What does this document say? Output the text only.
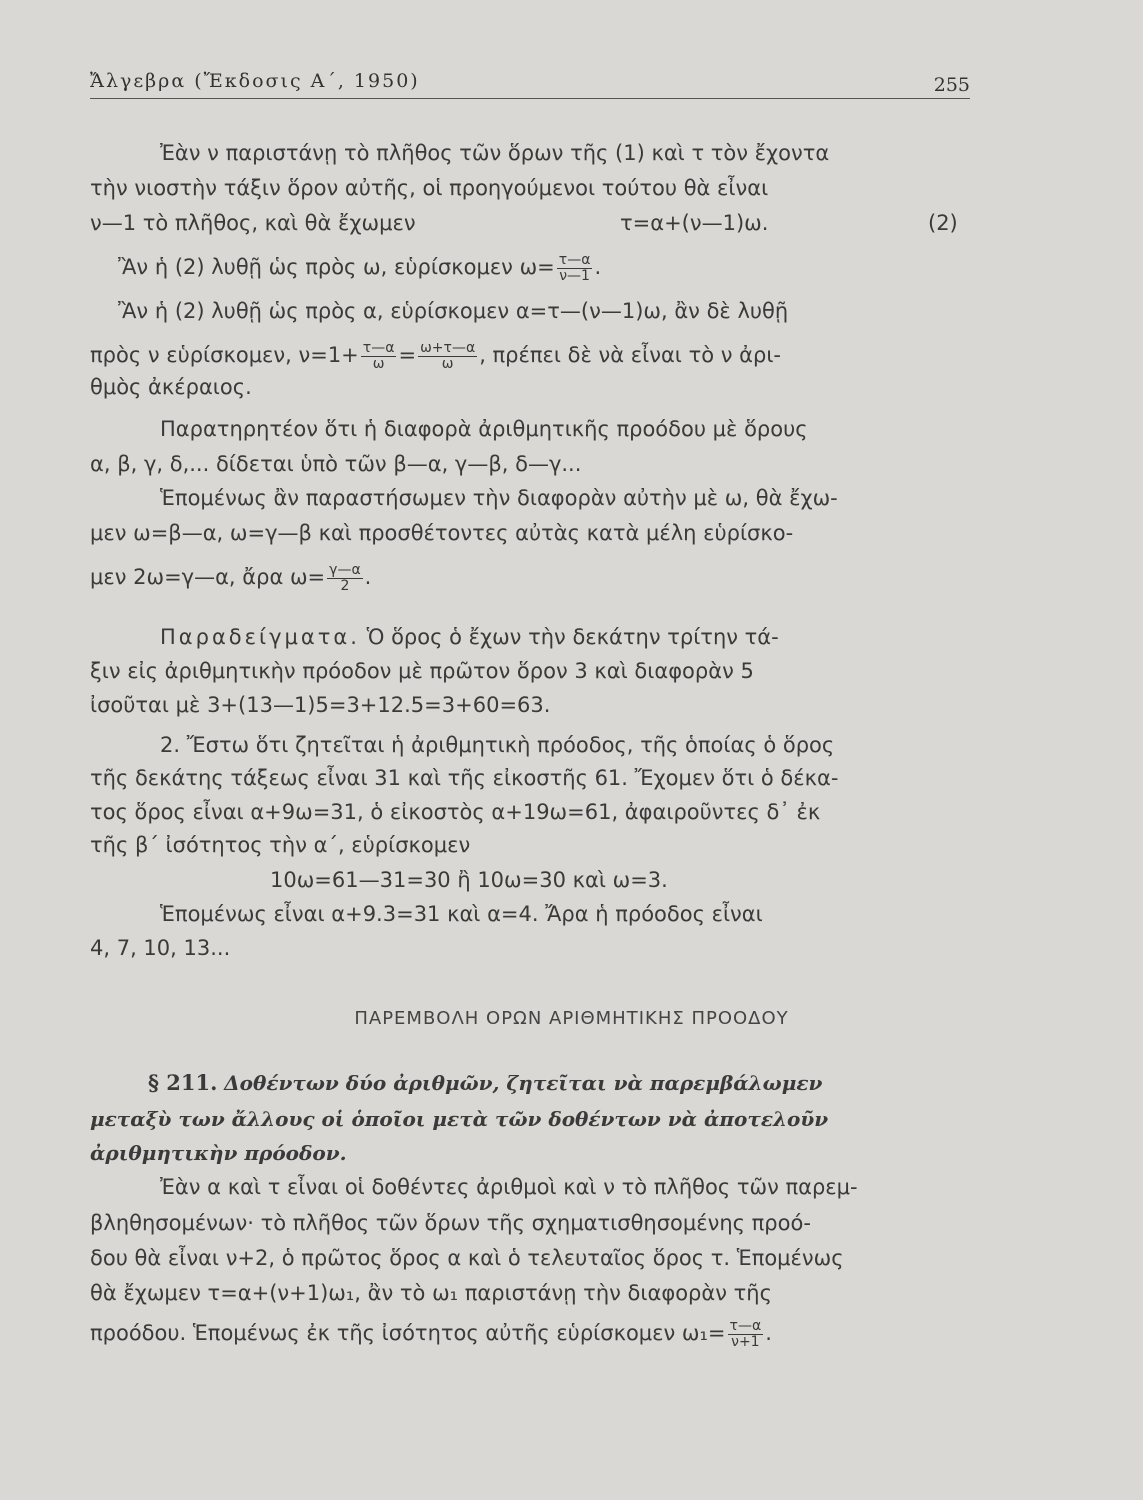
Ἄλγεβρα (Ἔκδοσις Α΄, 1950)	255
Ἐὰν ν παριστάνῃ τὸ πλῆθος τῶν ὅρων τῆς (1) καὶ τ τὸν ἔχοντα
τὴν νιοστὴν τάξιν ὅρον αὐτῆς, οἱ προηγούμενοι τούτου θὰ εἶναι
ν—1 τὸ πλῆθος, καὶ θὰ ἔχωμεν	τ=α+(ν—1)ω.	(2)
Ἂν ἡ (2) λυθῇ ὡς πρὸς ω, εὑρίσκομεν $\omega= \frac{\tau—\alpha}{\nu—1}$ .
Ἂν ἡ (2) λυθῇ ὡς πρὸς α, εὑρίσκομεν α=τ—(ν—1)ω, ἂν δὲ λυθῇ
πρὸς ν εὑρίσκομεν, $\nu=1+ \frac{\tau—\alpha}{\omega} = \frac{\omega+\tau—\alpha}{\omega}$ , πρέπει δὲ νὰ εἶναι τὸ ν ἀρι-
θμὸς ἀκέραιος.
Παρατηρητέον ὅτι ἡ διαφορὰ ἀριθμητικῆς προόδου μὲ ὅρους
α, β, γ, δ,... δίδεται ὑπὸ τῶν β—α, γ—β, δ—γ...
Ἑπομένως ἂν παραστήσωμεν τὴν διαφορὰν αὐτὴν μὲ ω, θὰ ἔχω-
μεν ω=β—α, ω=γ—β καὶ προσθέτοντες αὐτὰς κατὰ μέλη εὑρίσκο-
μεν 2ω=γ—α, ἄρα $\omega= \frac{\gamma—\alpha}{2}$ .
Παραδείγματα. Ὁ ὅρος ὁ ἔχων τὴν δεκάτην τρίτην τά-
ξιν εἰς ἀριθμητικὴν πρόοδον μὲ πρῶτον ὅρον 3 καὶ διαφορὰν 5
ἰσοῦται μὲ 3+(13—1)5=3+12.5=3+60=63.
2. Ἔστω ὅτι ζητεῖται ἡ ἀριθμητικὴ πρόοδος, τῆς ὁποίας ὁ ὅρος
τῆς δεκάτης τάξεως εἶναι 31 καὶ τῆς εἰκοστῆς 61. Ἔχομεν ὅτι ὁ δέκα-
τος ὅρος εἶναι α+9ω=31, ὁ εἰκοστὸς α+19ω=61, ἀφαιροῦντες δ᾽ ἐκ
τῆς β΄ ἰσότητος τὴν α΄, εὑρίσκομεν
10ω=61—31=30 ἢ 10ω=30 καὶ ω=3.
Ἑπομένως εἶναι α+9.3=31 καὶ α=4. Ἄρα ἡ πρόοδος εἶναι
4, 7, 10, 13...
ΠΑΡΕΜΒΟΛΗ ΟΡΩΝ ΑΡΙΘΜΗΤΙΚΗΣ ΠΡΟΟΔΟΥ
§ 211. Δοθέντων δύο ἀριθμῶν, ζητεῖται νὰ παρεμβάλωμεν
μεταξὺ των ἄλλους οἱ ὁποῖοι μετὰ τῶν δοθέντων νὰ ἀποτελοῦν
ἀριθμητικὴν πρόοδον.
Ἐὰν α καὶ τ εἶναι οἱ δοθέντες ἀριθμοὶ καὶ ν τὸ πλῆθος τῶν παρεμ-
βληθησομένων· τὸ πλῆθος τῶν ὅρων τῆς σχηματισθησομένης προό-
δου θὰ εἶναι ν+2, ὁ πρῶτος ὅρος α καὶ ὁ τελευταῖος ὅρος τ. Ἑπομένως
θὰ ἔχωμεν τ=α+(ν+1)ω₁, ἂν τὸ ω₁ παριστάνῃ τὴν διαφορὰν τῆς
προόδου. Ἑπομένως ἐκ τῆς ἰσότητος αὐτῆς εὑρίσκομεν $\omega_1= \frac{\tau—\alpha}{\nu+1}$ .
